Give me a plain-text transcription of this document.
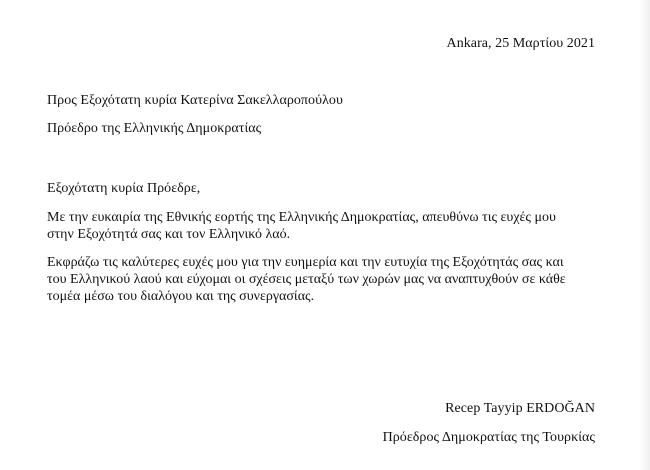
Ankara, 25 Μαρτίου 2021
Προς Εξοχότατη κυρία Κατερίνα Σακελλαροπούλου
Πρόεδρο της Ελληνικής Δημοκρατίας
Εξοχότατη κυρία Πρόεδρε,
Με την ευκαιρία της Εθνικής εορτής της Ελληνικής Δημοκρατίας, απευθύνω τις ευχές μου
στην Εξοχότητά σας και τον Ελληνικό λαό.
Εκφράζω τις καλύτερες ευχές μου για την ευημερία και την ευτυχία της Εξοχότητάς σας και
του Ελληνικού λαού και εύχομαι οι σχέσεις μεταξύ των χωρών μας να αναπτυχθούν σε κάθε
τομέα μέσω του διαλόγου και της συνεργασίας.
Recep Tayyip ERDOĞAN
Πρόεδρος Δημοκρατίας της Τουρκίας
